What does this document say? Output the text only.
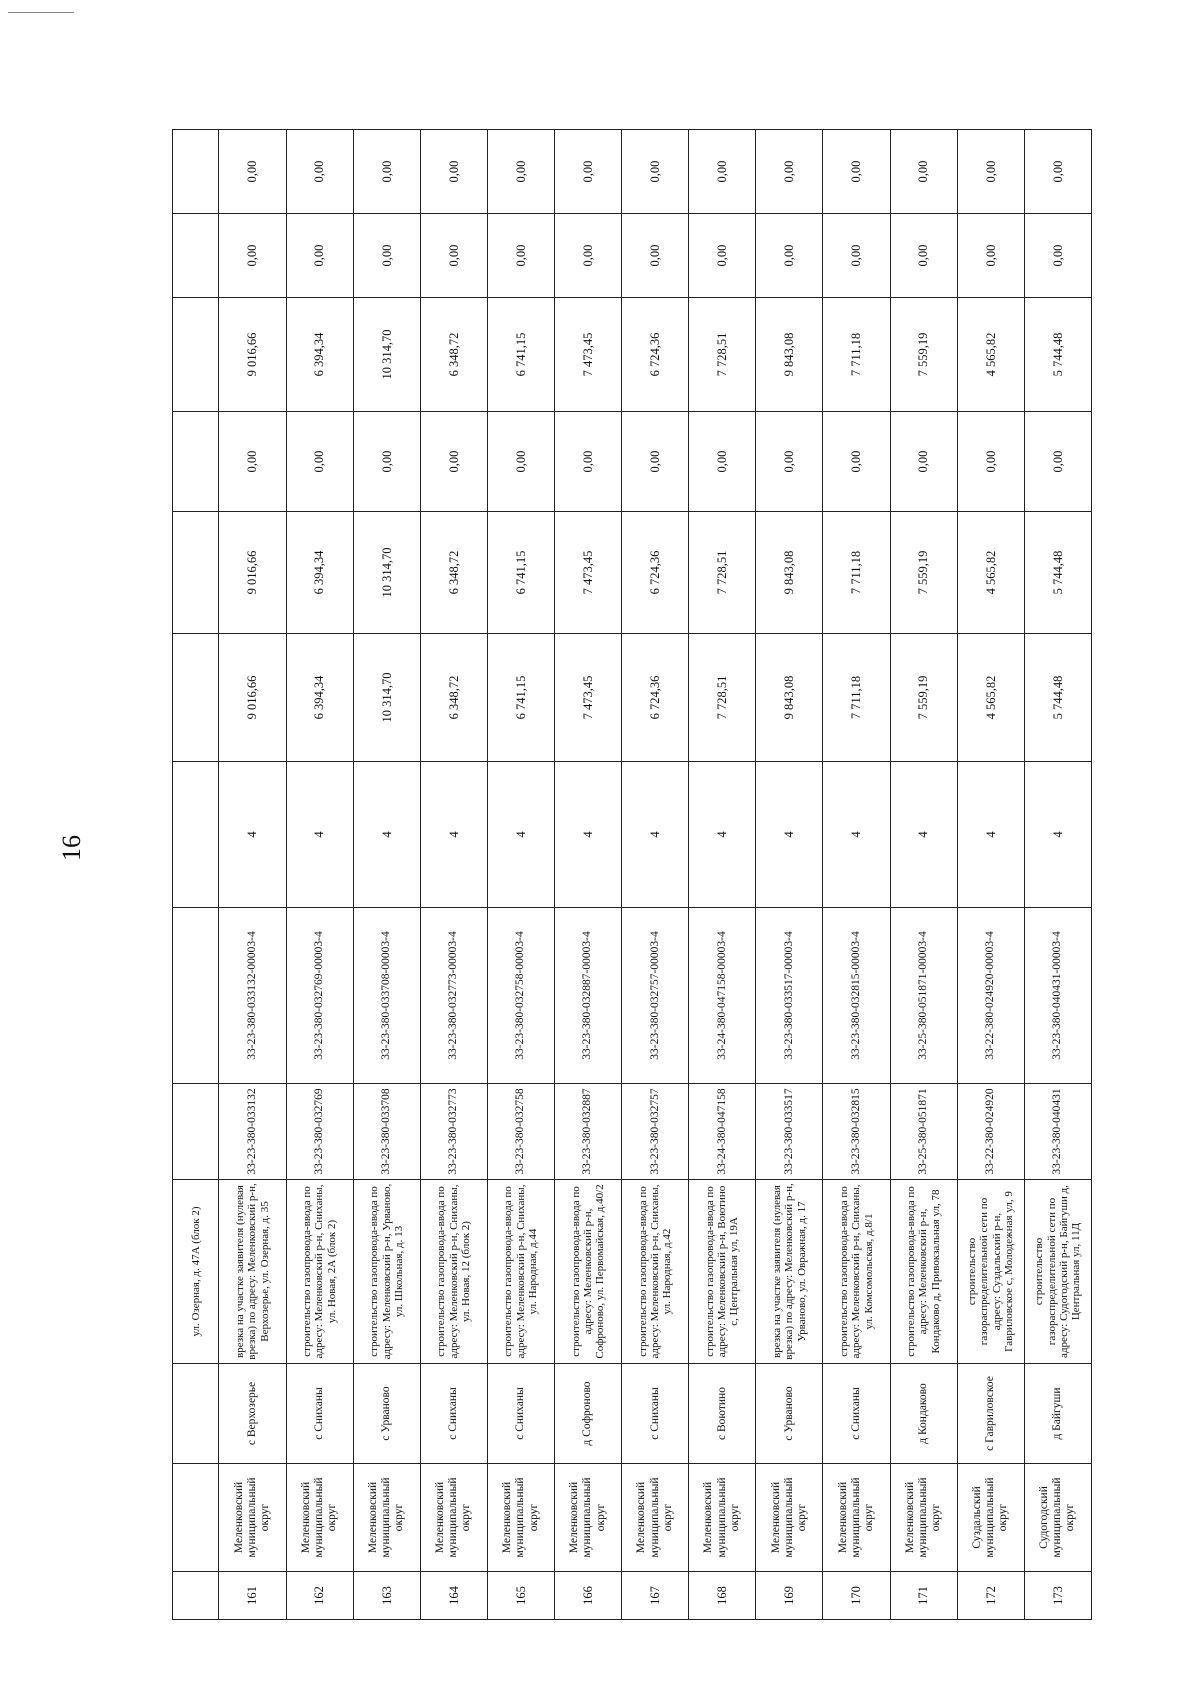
16
			ул. Озерная, д. 47А (блок 2)									
161	Меленковский муниципальный округ	с Верхозерье	врезка на участке заявителя (нулевая врезка) по адресу: Меленковский р-н, Верхозерье, ул. Озерная, д. 35	33-23-380-033132	33-23-380-033132-00003-4	4	9 016,66	9 016,66	0,00	9 016,66	0,00	0,00
162	Меленковский муниципальный округ	с Сниханы	строительство газопровода-ввода по адресу: Меленковский р-н, Сниханы, ул. Новая, 2А (блок 2)	33-23-380-032769	33-23-380-032769-00003-4	4	6 394,34	6 394,34	0,00	6 394,34	0,00	0,00
163	Меленковский муниципальный округ	с Урваново	строительство газопровода-ввода по адресу: Меленковский р-н, Урваново, ул. Школьная, д. 13	33-23-380-033708	33-23-380-033708-00003-4	4	10 314,70	10 314,70	0,00	10 314,70	0,00	0,00
164	Меленковский муниципальный округ	с Сниханы	строительство газопровода-ввода по адресу: Меленковский р-н, Сниханы, ул. Новая, 12 (блок 2)	33-23-380-032773	33-23-380-032773-00003-4	4	6 348,72	6 348,72	0,00	6 348,72	0,00	0,00
165	Меленковский муниципальный округ	с Сниханы	строительство газопровода-ввода по адресу: Меленковский р-н, Сниханы, ул. Народная, д.44	33-23-380-032758	33-23-380-032758-00003-4	4	6 741,15	6 741,15	0,00	6 741,15	0,00	0,00
166	Меленковский муниципальный округ	д Софроново	строительство газопровода-ввода по адресу: Меленковский р-н, Софроново, ул. Первомайская, д.40/2	33-23-380-032887	33-23-380-032887-00003-4	4	7 473,45	7 473,45	0,00	7 473,45	0,00	0,00
167	Меленковский муниципальный округ	с Сниханы	строительство газопровода-ввода по адресу: Меленковский р-н, Сниханы, ул. Народная, д.42	33-23-380-032757	33-23-380-032757-00003-4	4	6 724,36	6 724,36	0,00	6 724,36	0,00	0,00
168	Меленковский муниципальный округ	с Воютино	строительство газопровода-ввода по адресу: Меленковский р-н, Воютино с, Центральная ул, 19А	33-24-380-047158	33-24-380-047158-00003-4	4	7 728,51	7 728,51	0,00	7 728,51	0,00	0,00
169	Меленковский муниципальный округ	с Урваново	врезка на участке заявителя (нулевая врезка) по адресу: Меленковский р-н, Урваново, ул. Овражная, д. 17	33-23-380-033517	33-23-380-033517-00003-4	4	9 843,08	9 843,08	0,00	9 843,08	0,00	0,00
170	Меленковский муниципальный округ	с Сниханы	строительство газопровода-ввода по адресу: Меленковский р-н, Сниханы, ул. Комсомольская, д.8/1	33-23-380-032815	33-23-380-032815-00003-4	4	7 711,18	7 711,18	0,00	7 711,18	0,00	0,00
171	Меленковский муниципальный округ	д Кондаково	строительство газопровода-ввода по адресу: Меленковский р-н, Кондаково д, Привокзальная ул, 78	33-25-380-051871	33-25-380-051871-00003-4	4	7 559,19	7 559,19	0,00	7 559,19	0,00	0,00
172	Суздальский муниципальный округ	с Гавриловское	строительство газораспределительной сети по адресу: Суздальский р-н, Гавриловское с, Молодежная ул, 9	33-22-380-024920	33-22-380-024920-00003-4	4	4 565,82	4 565,82	0,00	4 565,82	0,00	0,00
173	Судогодский муниципальный округ	д Байгуши	строительство газораспределительной сети по адресу: Судогодский р-н, Байгуши д, Центральная ул, 11Д	33-23-380-040431	33-23-380-040431-00003-4	4	5 744,48	5 744,48	0,00	5 744,48	0,00	0,00
